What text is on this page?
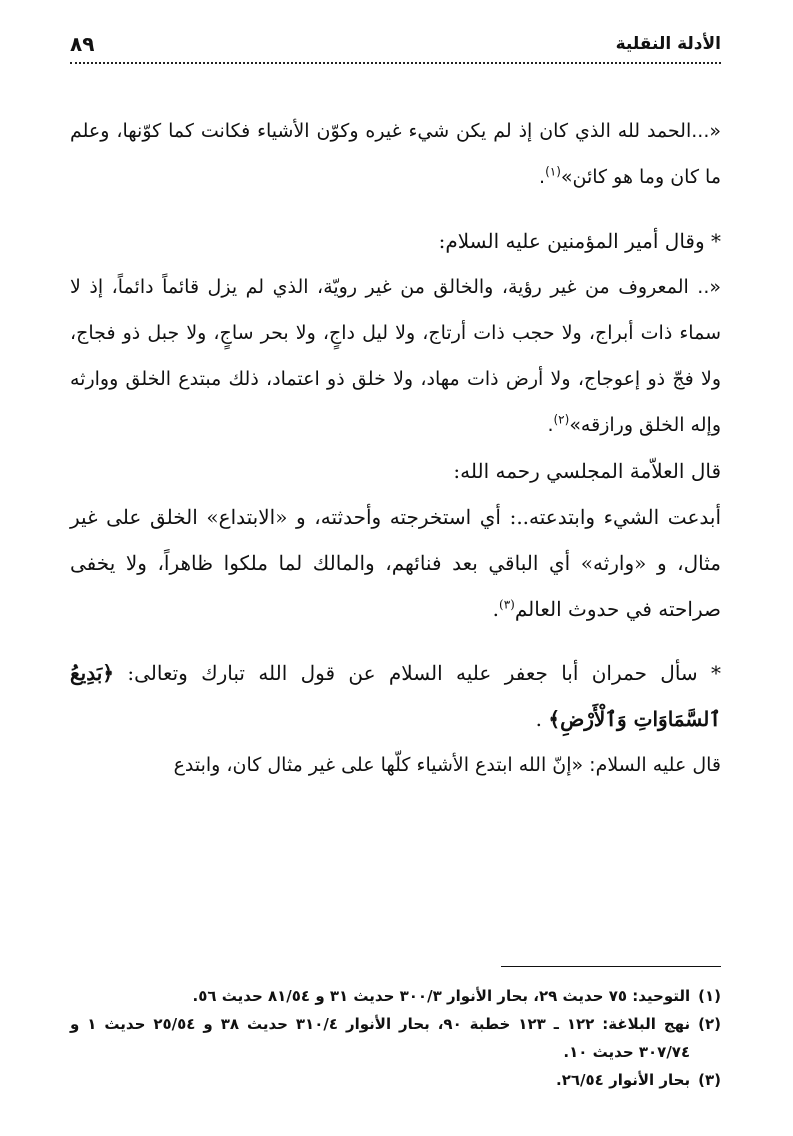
الأدلة النقلية
٨٩

«...الحمد لله الذي كان إذ لم يكن شيء غيره وكوّن الأشياء فكانت كما كوّنها، وعلم ما كان وما هو كائن»$^{(١)}$.

* وقال أمير المؤمنين عليه السلام:

«.. المعروف من غير رؤية، والخالق من غير رويّة، الذي لم يزل قائماً دائماً، إذ لا سماء ذات أبراج، ولا حجب ذات أرتاج، ولا ليل داجٍ، ولا بحر ساجٍ، ولا جبل ذو فجاج، ولا فجّ ذو إعوجاج، ولا أرض ذات مهاد، ولا خلق ذو اعتماد، ذلك مبتدع الخلق ووارثه وإله الخلق ورازقه»$^{(٢)}$.

قال العلاّمة المجلسي رحمه الله:

أبدعت الشيء وابتدعته..: أي استخرجته وأحدثته، و «الابتداع» الخلق على غير مثال، و «وارثه» أي الباقي بعد فنائهم، والمالك لما ملكوا ظاهراً، ولا يخفى صراحته في حدوث العالم$^{(٣)}$.

* سأل حمران أبا جعفر عليه السلام عن قول الله تبارك وتعالى: ﴿بَدِيعُ ٱلسَّمَاوَاتِ وَٱلْأَرْضِ﴾ .

قال عليه السلام: «إنّ الله ابتدع الأشياء كلّها على غير مثال كان، وابتدع

(١)
التوحيد: ٧٥ حديث ٢٩، بحار الأنوار ٣٠٠/٣ حديث ٣١ و ٨١/٥٤ حديث ٥٦.
(٢)
نهج البلاغة: ١٢٢ ـ ١٢٣ خطبة ٩٠، بحار الأنوار ٣١٠/٤ حديث ٣٨ و ٢٥/٥٤ حديث ١ و ٣٠٧/٧٤ حديث ١٠.
(٣)
بحار الأنوار ٢٦/٥٤.
